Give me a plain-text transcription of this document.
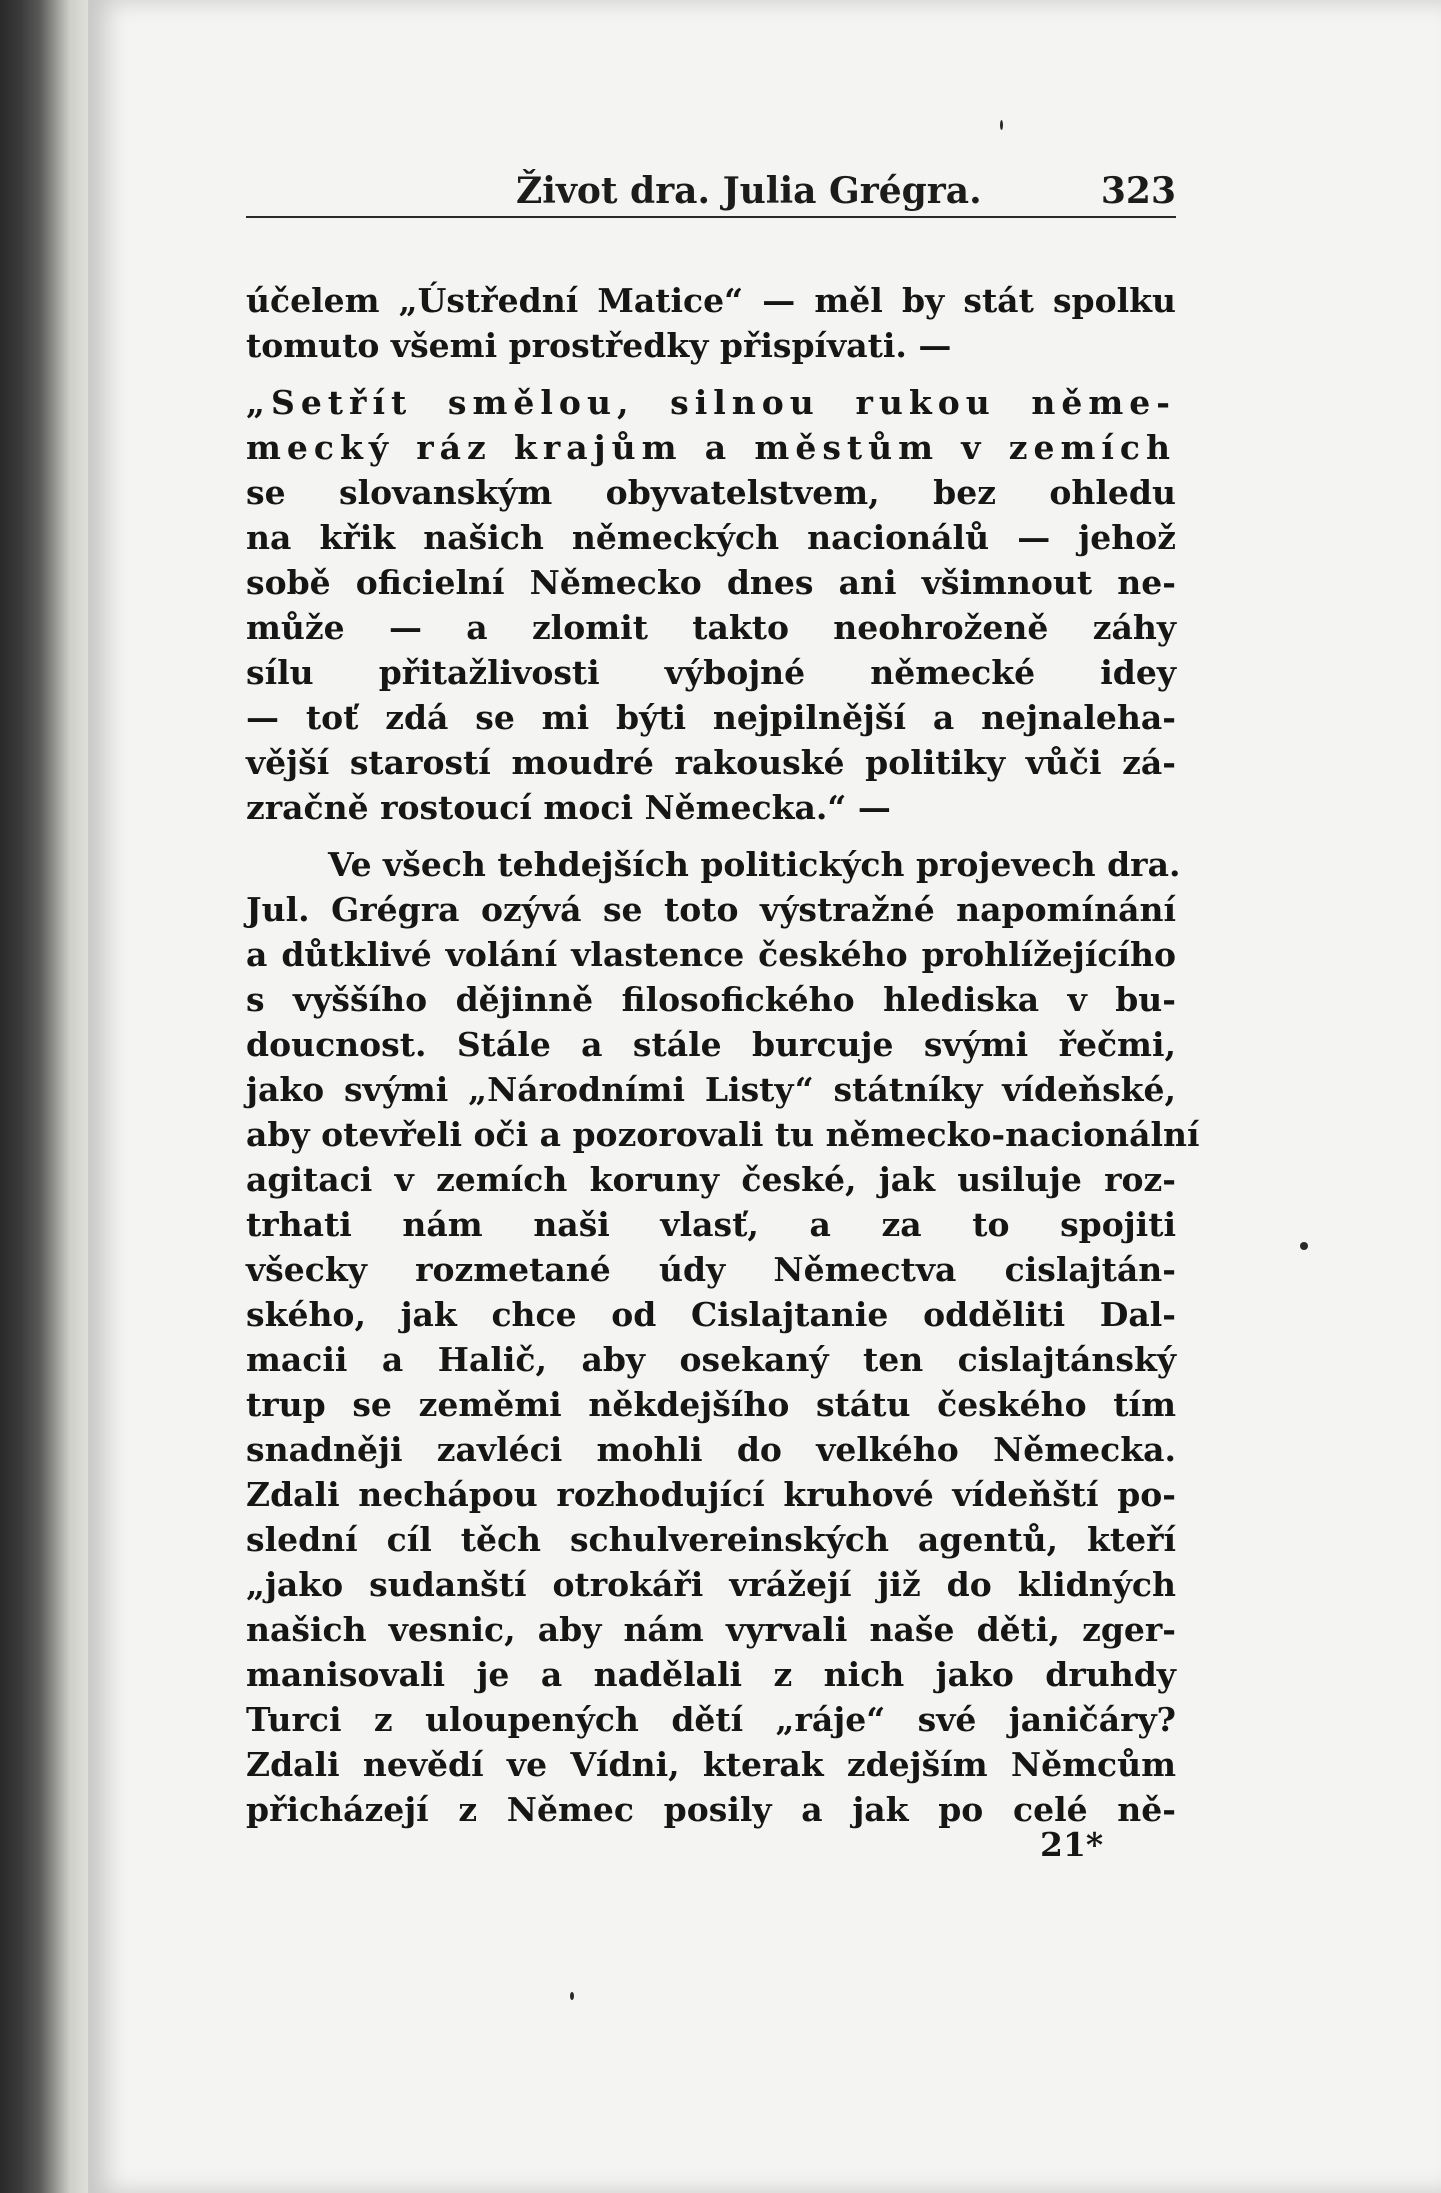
Život dra. Julia Grégra.	323
účelem „Ústřední Matice“ — měl by stát spolku
tomuto všemi prostředky přispívati. —
„Setřít smělou, silnou rukou něme-
mecký ráz krajům a městům v zemích
se slovanským obyvatelstvem, bez ohledu
na křik našich německých nacionálů — jehož
sobě oficielní Německo dnes ani všimnout ne-
může — a zlomit takto neohroženě záhy
sílu přitažlivosti výbojné německé idey
— toť zdá se mi býti nejpilnější a nejnaleha-
vější starostí moudré rakouské politiky vůči zá-
zračně rostoucí moci Německa.“ —
Ve všech tehdejších politických projevech dra.
Jul. Grégra ozývá se toto výstražné napomínání
a důtklivé volání vlastence českého prohlížejícího
s vyššího dějinně filosofického hlediska v bu-
doucnost. Stále a stále burcuje svými řečmi,
jako svými „Národními Listy“ státníky vídeňské,
aby otevřeli oči a pozorovali tu německo-nacionální
agitaci v zemích koruny české, jak usiluje roz-
trhati nám naši vlasť, a za to spojiti
všecky rozmetané údy Němectva cislajtán-
ského, jak chce od Cislajtanie odděliti Dal-
macii a Halič, aby osekaný ten cislajtánský
trup se zeměmi někdejšího státu českého tím
snadněji zavléci mohli do velkého Německa.
Zdali nechápou rozhodující kruhové vídeňští po-
slední cíl těch schulvereinských agentů, kteří
„jako sudanští otrokáři vrážejí již do klidných
našich vesnic, aby nám vyrvali naše děti, zger-
manisovali je a nadělali z nich jako druhdy
Turci z uloupených dětí „ráje“ své janičáry?
Zdali nevědí ve Vídni, kterak zdejším Němcům
přicházejí z Němec posily a jak po celé ně-
21*
